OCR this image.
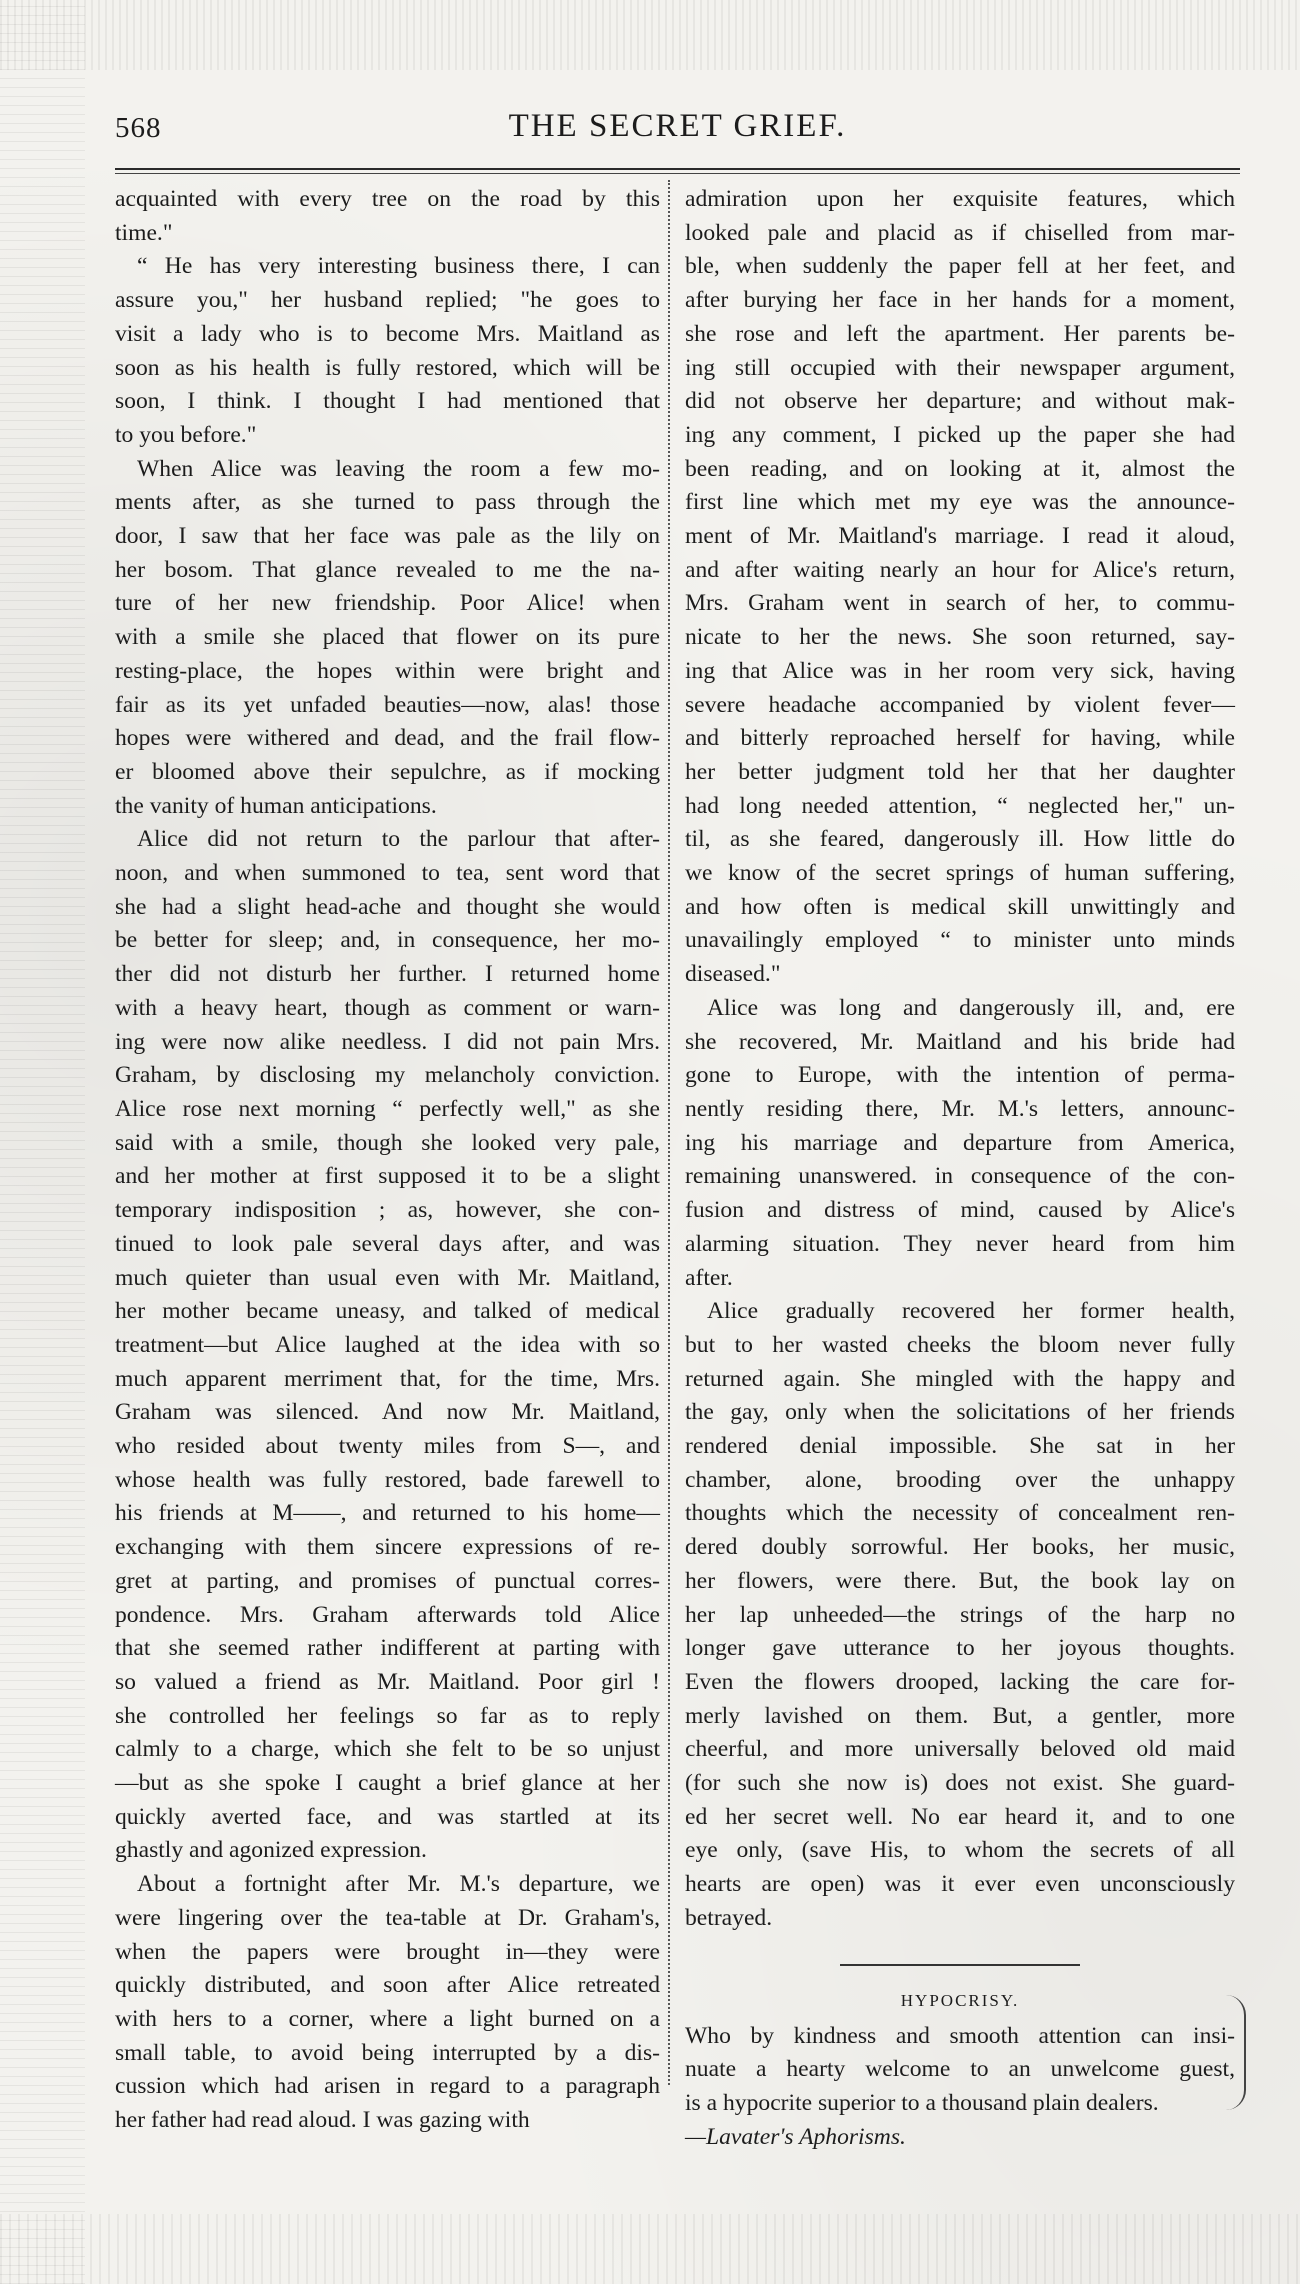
568	THE SECRET GRIEF.
acquainted with every tree on the road by this
time."
“ He has very interesting business there, I can
assure you," her husband replied; "he goes to
visit a lady who is to become Mrs. Maitland as
soon as his health is fully restored, which will be
soon, I think. I thought I had mentioned that
to you before."
When Alice was leaving the room a few mo-
ments after, as she turned to pass through the
door, I saw that her face was pale as the lily on
her bosom. That glance revealed to me the na-
ture of her new friendship. Poor Alice! when
with a smile she placed that flower on its pure
resting-place, the hopes within were bright and
fair as its yet unfaded beauties—now, alas! those
hopes were withered and dead, and the frail flow-
er bloomed above their sepulchre, as if mocking
the vanity of human anticipations.
Alice did not return to the parlour that after-
noon, and when summoned to tea, sent word that
she had a slight head-ache and thought she would
be better for sleep; and, in consequence, her mo-
ther did not disturb her further. I returned home
with a heavy heart, though as comment or warn-
ing were now alike needless. I did not pain Mrs.
Graham, by disclosing my melancholy conviction.
Alice rose next morning “ perfectly well," as she
said with a smile, though she looked very pale,
and her mother at first supposed it to be a slight
temporary indisposition ; as, however, she con-
tinued to look pale several days after, and was
much quieter than usual even with Mr. Maitland,
her mother became uneasy, and talked of medical
treatment—but Alice laughed at the idea with so
much apparent merriment that, for the time, Mrs.
Graham was silenced. And now Mr. Maitland,
who resided about twenty miles from S—, and
whose health was fully restored, bade farewell to
his friends at M——, and returned to his home—
exchanging with them sincere expressions of re-
gret at parting, and promises of punctual corres-
pondence. Mrs. Graham afterwards told Alice
that she seemed rather indifferent at parting with
so valued a friend as Mr. Maitland. Poor girl !
she controlled her feelings so far as to reply
calmly to a charge, which she felt to be so unjust
—but as she spoke I caught a brief glance at her
quickly averted face, and was startled at its
ghastly and agonized expression.
About a fortnight after Mr. M.'s departure, we
were lingering over the tea-table at Dr. Graham's,
when the papers were brought in—they were
quickly distributed, and soon after Alice retreated
with hers to a corner, where a light burned on a
small table, to avoid being interrupted by a dis-
cussion which had arisen in regard to a paragraph
her father had read aloud. I was gazing with
admiration upon her exquisite features, which
looked pale and placid as if chiselled from mar-
ble, when suddenly the paper fell at her feet, and
after burying her face in her hands for a moment,
she rose and left the apartment. Her parents be-
ing still occupied with their newspaper argument,
did not observe her departure; and without mak-
ing any comment, I picked up the paper she had
been reading, and on looking at it, almost the
first line which met my eye was the announce-
ment of Mr. Maitland's marriage. I read it aloud,
and after waiting nearly an hour for Alice's return,
Mrs. Graham went in search of her, to commu-
nicate to her the news. She soon returned, say-
ing that Alice was in her room very sick, having
severe headache accompanied by violent fever—
and bitterly reproached herself for having, while
her better judgment told her that her daughter
had long needed attention, “ neglected her," un-
til, as she feared, dangerously ill. How little do
we know of the secret springs of human suffering,
and how often is medical skill unwittingly and
unavailingly employed “ to minister unto minds
diseased."
Alice was long and dangerously ill, and, ere
she recovered, Mr. Maitland and his bride had
gone to Europe, with the intention of perma-
nently residing there, Mr. M.'s letters, announc-
ing his marriage and departure from America,
remaining unanswered. in consequence of the con-
fusion and distress of mind, caused by Alice's
alarming situation. They never heard from him
after.
Alice gradually recovered her former health,
but to her wasted cheeks the bloom never fully
returned again. She mingled with the happy and
the gay, only when the solicitations of her friends
rendered denial impossible. She sat in her
chamber, alone, brooding over the unhappy
thoughts which the necessity of concealment ren-
dered doubly sorrowful. Her books, her music,
her flowers, were there. But, the book lay on
her lap unheeded—the strings of the harp no
longer gave utterance to her joyous thoughts.
Even the flowers drooped, lacking the care for-
merly lavished on them. But, a gentler, more
cheerful, and more universally beloved old maid
(for such she now is) does not exist. She guard-
ed her secret well. No ear heard it, and to one
eye only, (save His, to whom the secrets of all
hearts are open) was it ever even unconsciously
betrayed.
HYPOCRISY.
Who by kindness and smooth attention can insi-
nuate a hearty welcome to an unwelcome guest,
is a hypocrite superior to a thousand plain dealers.
—Lavater's Aphorisms.
